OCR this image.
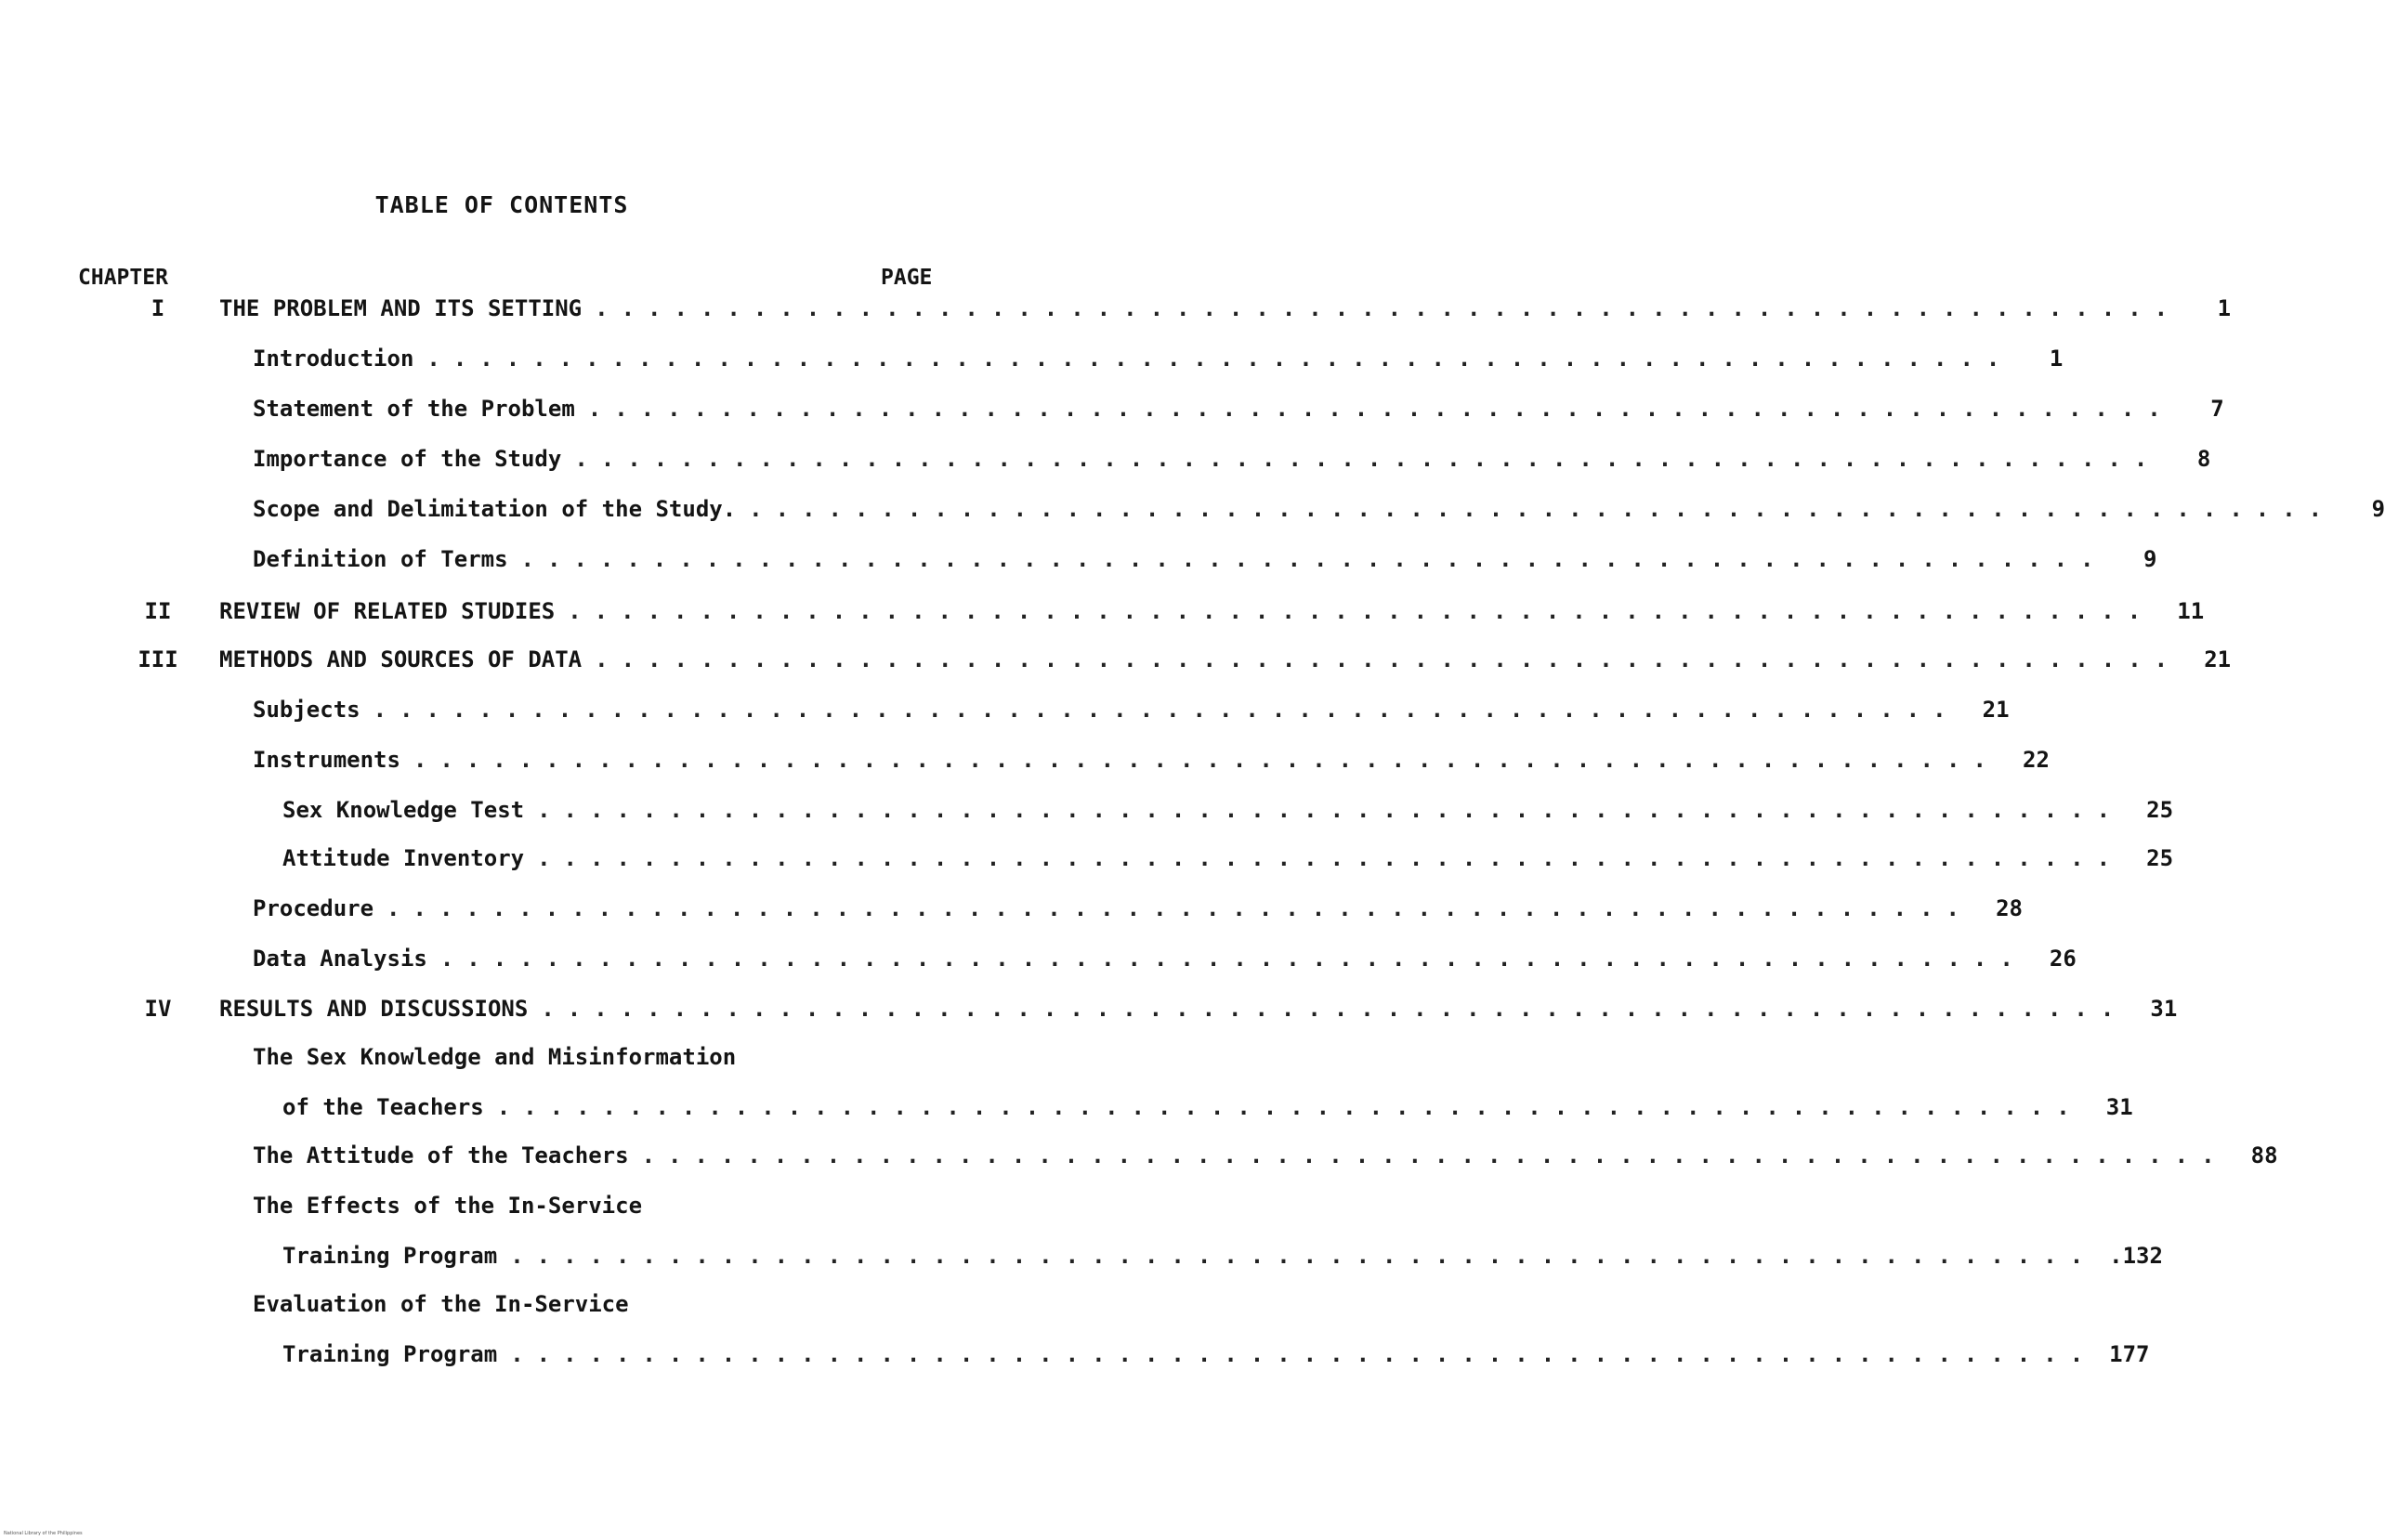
TABLE OF CONTENTS
CHAPTER	PAGE
I	THE PROBLEM AND ITS SETTING ............................................................	1
Introduction ............................................................	1
Statement of the Problem ............................................................	7
Importance of the Study ............................................................	8
Scope and Delimitation of the Study. ............................................................	9
Definition of Terms ............................................................	9
II	REVIEW OF RELATED STUDIES ............................................................	11
III	METHODS AND SOURCES OF DATA ............................................................	21
Subjects ............................................................	21
Instruments ............................................................	22
Sex Knowledge Test ............................................................	25
Attitude Inventory ............................................................	25
Procedure ............................................................	28
Data Analysis ............................................................	26
IV	RESULTS AND DISCUSSIONS ............................................................	31
The Sex Knowledge and Misinformation
of the Teachers ............................................................	31
The Attitude of the Teachers ............................................................	88
The Effects of the In-Service
Training Program ............................................................ .132
Evaluation of the In-Service
Training Program ............................................................ 177
National Library of the Philippines
